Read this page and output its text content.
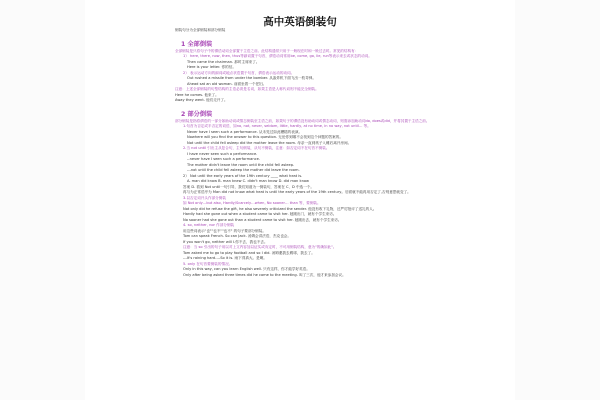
高中英语倒装句
倒装句分为全部倒装和部分倒装
1 全部倒装
全部倒装是只将句子中的谓语动词全部置于主语之前。此结构通常只用于一般现在时和一般过去时。常见的结构有：
1） here, there, now, then, thus等副词置于句首，谓语动词常用be, come, go, lie, run等表示来去或状态的动词。
Then came the chairman. 那时主席来了。
Here is your letter. 你的信。
2） 表示运动方向的副词或地点状语置于句首，谓语表示运动的动词。
Out rushed a missile from under the bomber. 从轰炸机下面飞出一枚导弹。
Ahead sat an old woman. 前面坐着一个老妇。
注意：上述全部倒装的句型结构的主语必须是名词，如果主语是人称代词则不能完全倒装。
Here he comes. 他来了。
Away they went. 他们走开了。
2 部分倒装
部分倒装是指将谓语的一部分如助动词或情态倒装至主语之前，如果句子的谓语没有助动词或情态动词，则需添加助动词do, does或did，并将其置于主语之前。
1.句首为否定或半否定的词语，如no, not, never, seldom, little, hardly, at no time, in no way, not until… 等。
Never have I seen such a performance. 从未见过如此糟糕的表演。
Nowhere will you find the answer to this question. 无论你到哪不会找到这个问题的答案的。
Not until the child fell asleep did the mother leave the room. 母亲一直到孩子入睡后离开房间。
2.当 not until 引出主从复合句，主句倒装，从句不倒装，注意：如否定词不在句首不倒装。
I have never seen such a performance.
--never have I seen such a performance.
The mother didn't leave the room until the child fell asleep.
---not until the child fell asleep the mother did leave the room.
2） Not until the early years of the 19th century ____ what heat is.
A. man did know B. man knew C. didn't man know D. did man know
答案 D. 看到 Not until一句引导，我们知道为一倒装句，答案在 C、D 中选一个。
再与为正常语序为 Man did not know what heat is until the early years of the 19th century。后面就不能再用否定了,否则意思就变了。
3.以否定词开头作部分倒装
如 Not only…but also, Hardly/Scarcely…when, No sooner… than 等，要倒装。
Not only did he refuse the gift, he also severely criticized the sender. 他没有收下礼物，还严厉批评了送礼的人。
Hardly had she gone out when a student came to visit her. 她刚出门，就有个学生来访。
No sooner had she gone out than a student came to visit her. 她刚出去，就有个学生来访。
4. so, neither, nor 作部分倒装
用这些词表示"也""也不""也不" 的句子要部分倒装。
Tom can speak French. So can Jack. 汤姆会讲法语，杰克也会。
If you won't go, neither will I.你不去，我也不去。
注意：当 so 引出的句子用以对上文内容加以证实或肯定时，不可用倒装结构，意为"的确如此"。
Tom asked me to go to play football and so I did. 汤姆邀我去踢球，我去了。
---It's raining hard.---So it is. 雨下得真大。是啊。
5. only 在句首要倒装的情况。
Only in this way, can you learn English well. 只有这样，你才能学好英语。
Only after being asked three times did he come to the meeting. 叫了三次，他才来参加会议。
